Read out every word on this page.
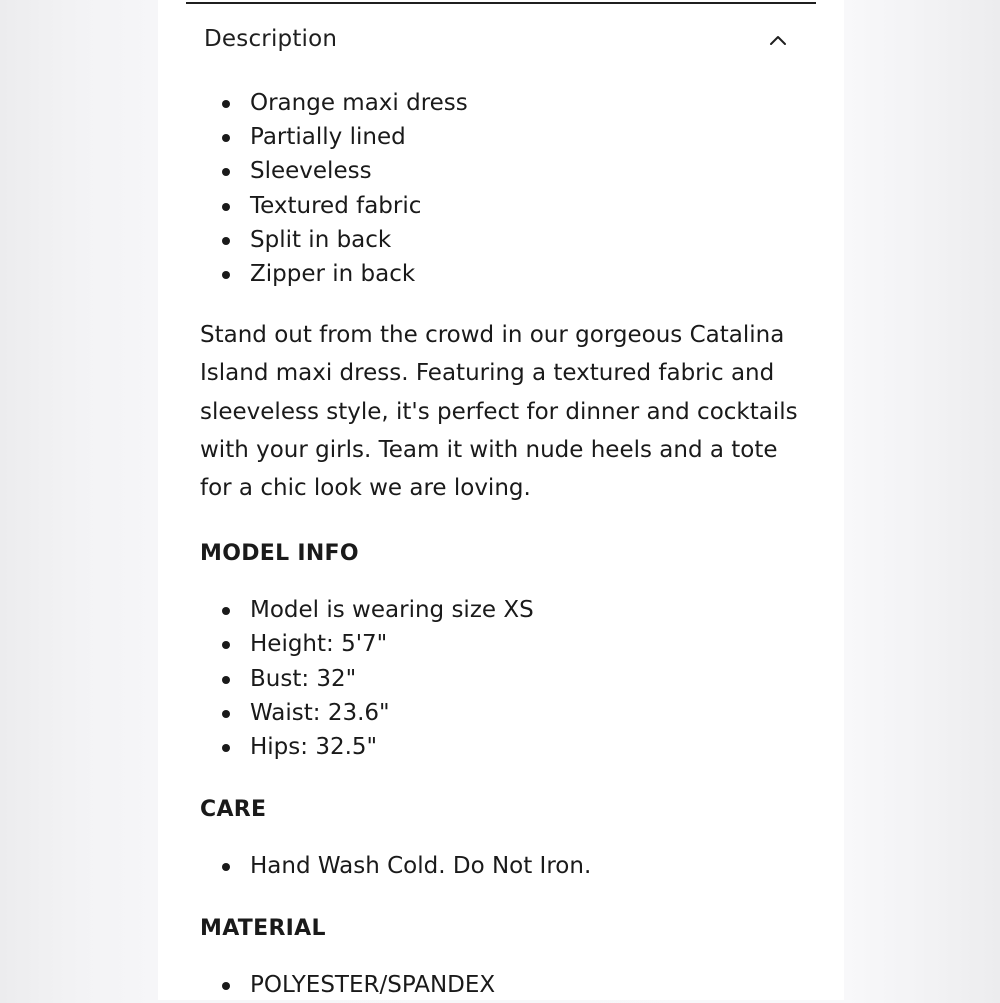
Description
Orange maxi dress
Partially lined
Sleeveless
Textured fabric
Split in back
Zipper in back

Stand out from the crowd in our gorgeous Catalina Island maxi dress. Featuring a textured fabric and sleeveless style, it's perfect for dinner and cocktails with your girls. Team it with nude heels and a tote for a chic look we are loving.

MODEL INFO
Model is wearing size XS
Height: 5'7"
Bust: 32"
Waist: 23.6"
Hips: 32.5"
CARE
Hand Wash Cold. Do Not Iron.
MATERIAL
POLYESTER/SPANDEX
